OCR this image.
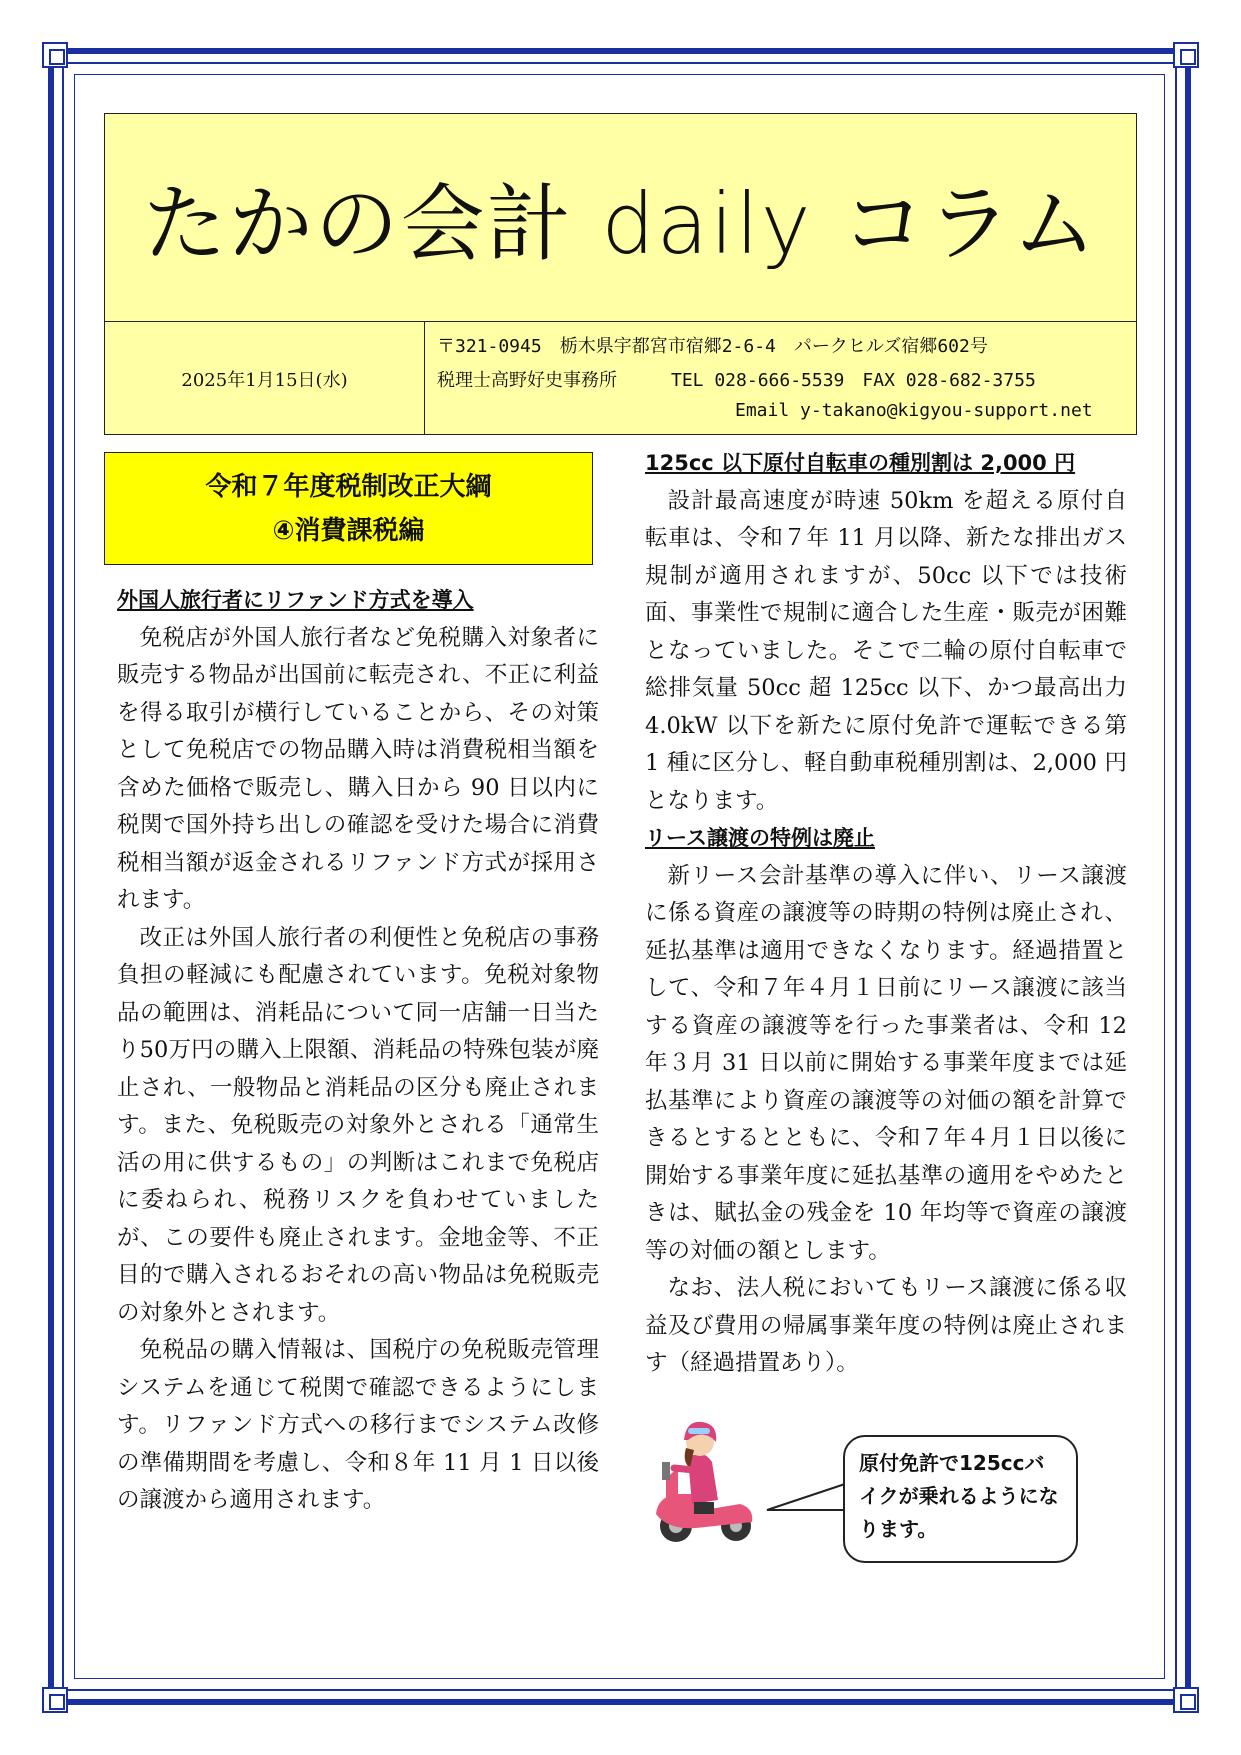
たかの会計 daily コラム
2025年1月15日(水)
〒321-0945　栃木県宇都宮市宿郷2-6-4　パークヒルズ宿郷602号
税理士高野好史事務所　　　TEL 028-666-5539　FAX 028-682-3755
Email y-takano@kigyou-support.net
令和７年度税制改正大綱
④消費課税編
外国人旅行者にリファンド方式を導入
免税店が外国人旅行者など免税購入対象者に販売する物品が出国前に転売され、不正に利益を得る取引が横行していることから、その対策として免税店での物品購入時は消費税相当額を含めた価格で販売し、購入日から 90 日以内に税関で国外持ち出しの確認を受けた場合に消費税相当額が返金されるリファンド方式が採用されます。
改正は外国人旅行者の利便性と免税店の事務負担の軽減にも配慮されています。免税対象物品の範囲は、消耗品について同一店舗一日当たり50万円の購入上限額、消耗品の特殊包装が廃止され、一般物品と消耗品の区分も廃止されます。また、免税販売の対象外とされる「通常生活の用に供するもの」の判断はこれまで免税店に委ねられ、税務リスクを負わせていましたが、この要件も廃止されます。金地金等、不正目的で購入されるおそれの高い物品は免税販売の対象外とされます。
免税品の購入情報は、国税庁の免税販売管理システムを通じて税関で確認できるようにします。リファンド方式への移行までシステム改修の準備期間を考慮し、令和８年 11 月 1 日以後の譲渡から適用されます。
125cc 以下原付自転車の種別割は 2,000 円
設計最高速度が時速 50km を超える原付自転車は、令和７年 11 月以降、新たな排出ガス規制が適用されますが、50cc 以下では技術面、事業性で規制に適合した生産・販売が困難となっていました。そこで二輪の原付自転車で総排気量 50cc 超 125cc 以下、かつ最高出力 4.0kW 以下を新たに原付免許で運転できる第 1 種に区分し、軽自動車税種別割は、2,000 円となります。
リース譲渡の特例は廃止
新リース会計基準の導入に伴い、リース譲渡に係る資産の譲渡等の時期の特例は廃止され、延払基準は適用できなくなります。経過措置として、令和７年４月１日前にリース譲渡に該当する資産の譲渡等を行った事業者は、令和 12 年３月 31 日以前に開始する事業年度までは延払基準により資産の譲渡等の対価の額を計算できるとするとともに、令和７年４月１日以後に開始する事業年度に延払基準の適用をやめたときは、賦払金の残金を 10 年均等で資産の譲渡等の対価の額とします。
なお、法人税においてもリース譲渡に係る収益及び費用の帰属事業年度の特例は廃止されます（経過措置あり）。
原付免許で125ccバイクが乗れるようになります。
